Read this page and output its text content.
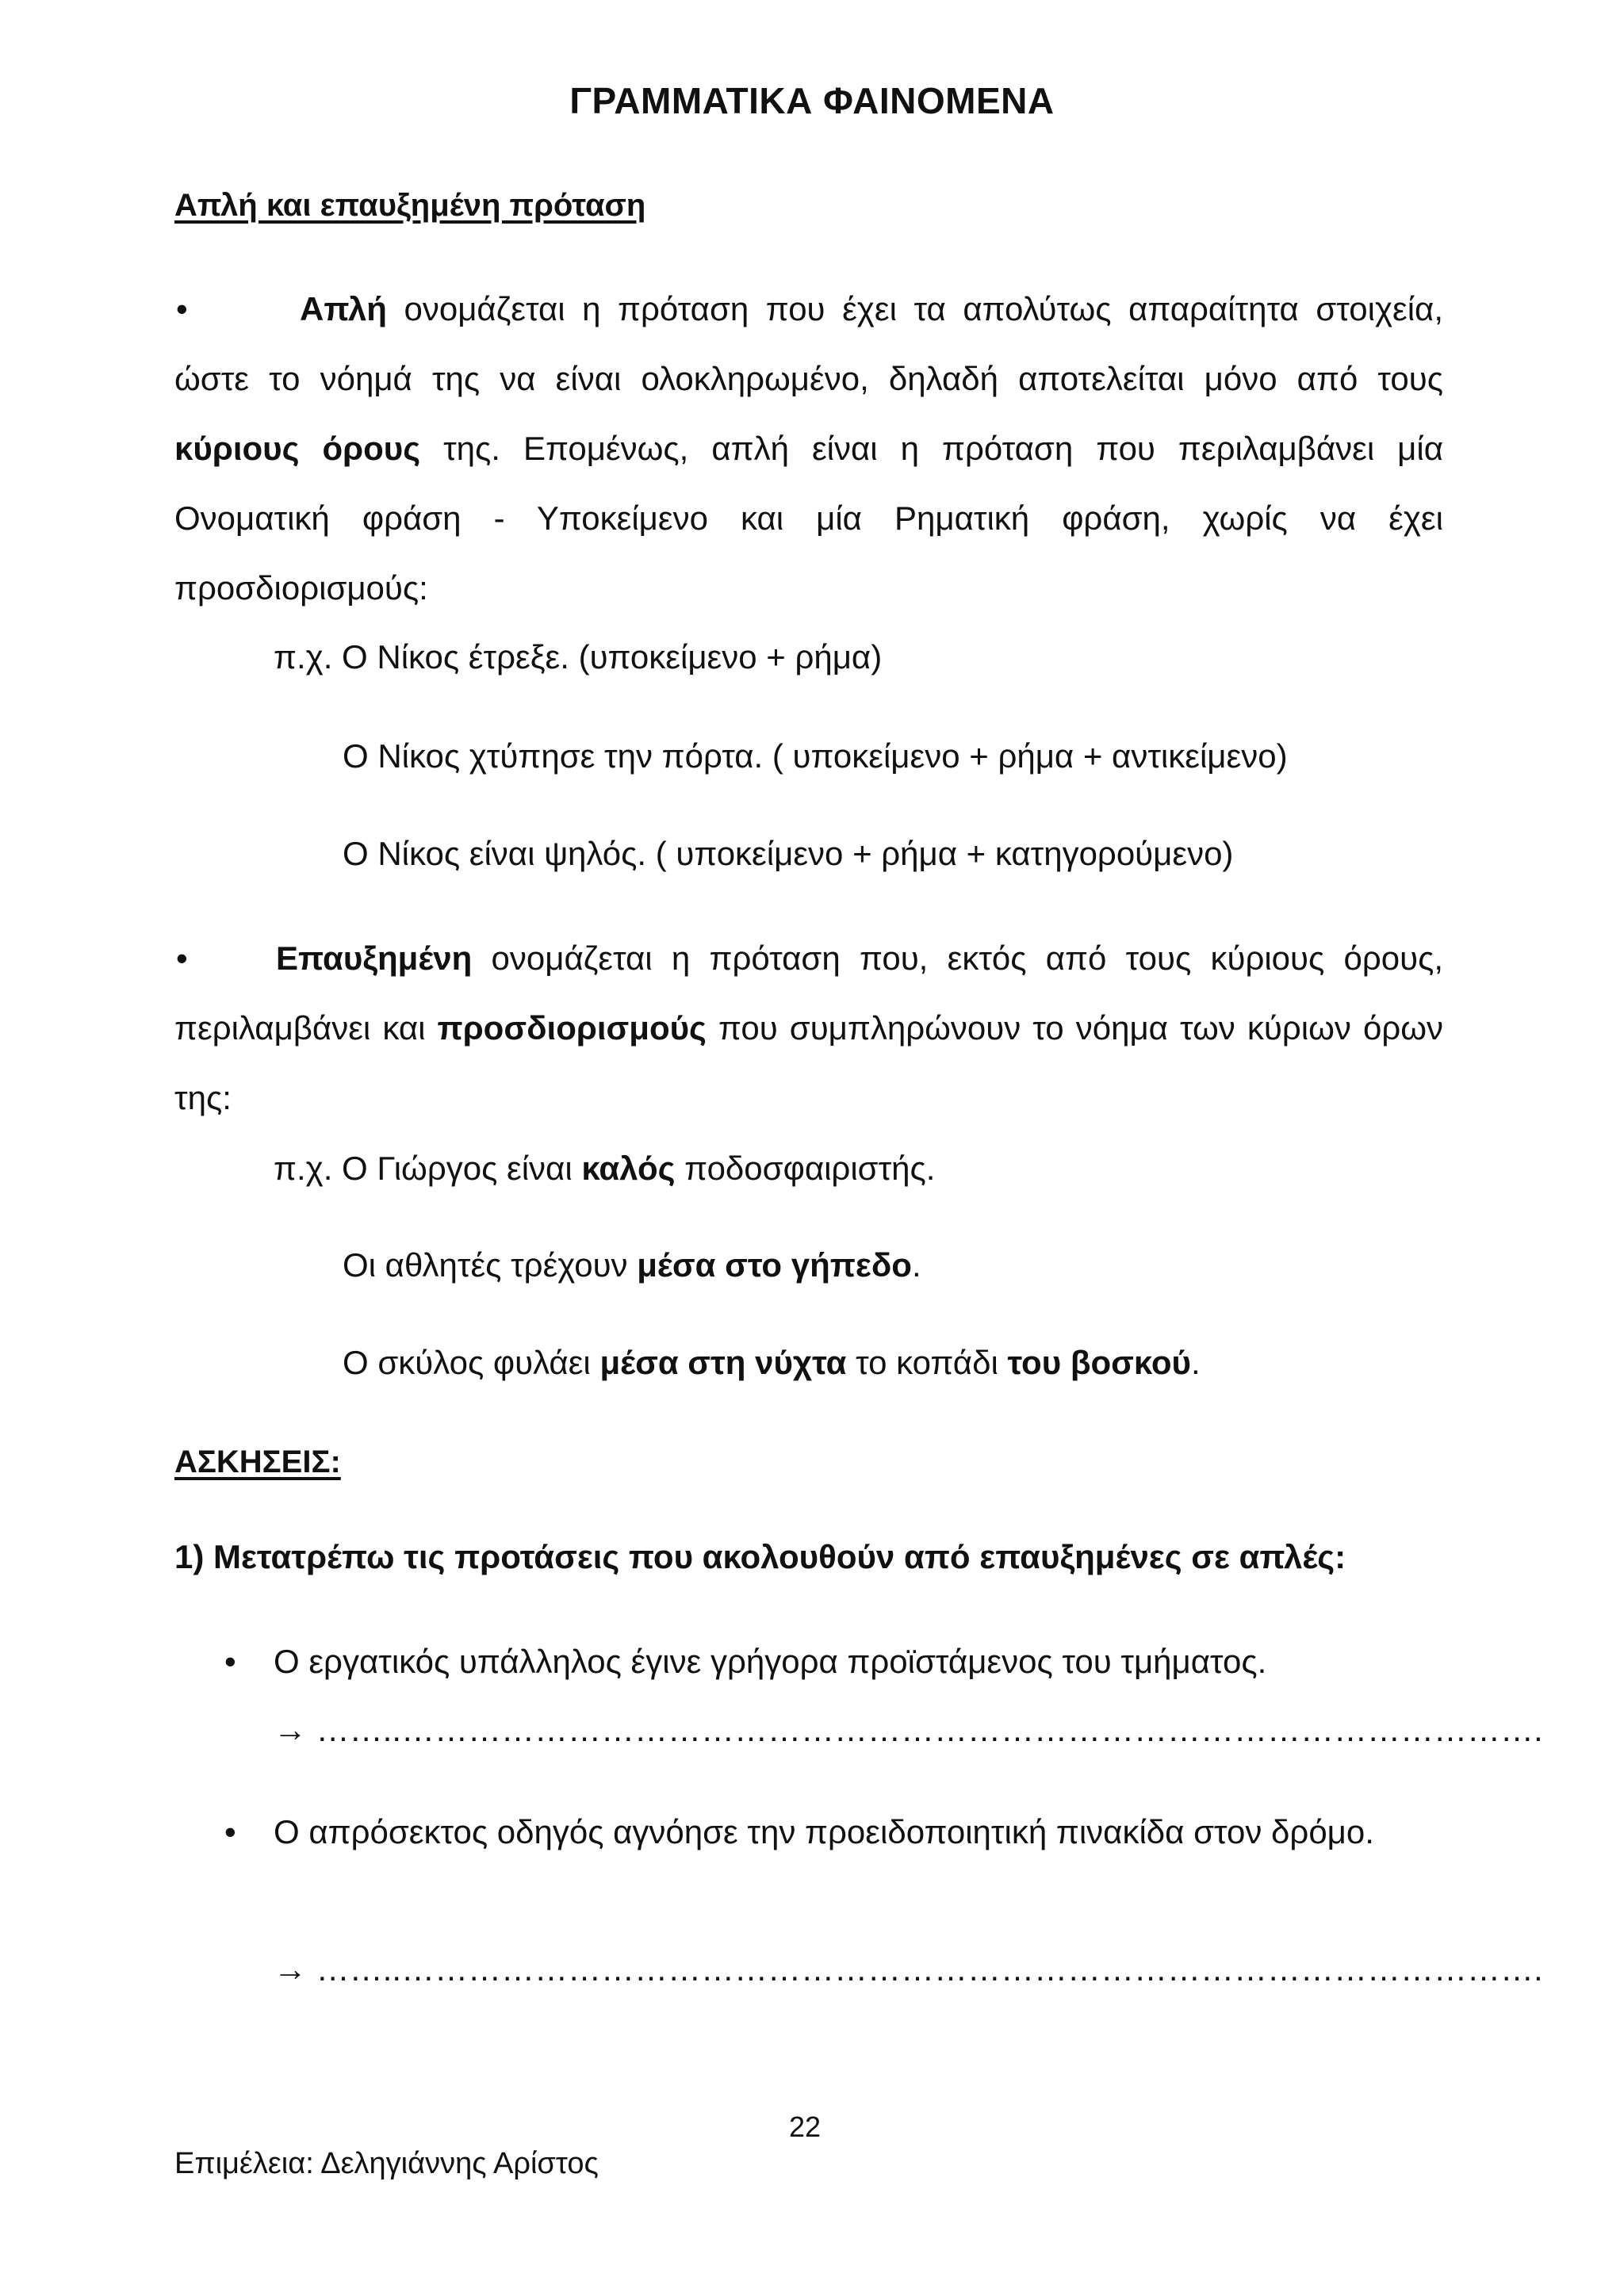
ΓΡΑΜΜΑΤΙΚΑ ΦΑΙΝΟΜΕΝΑ
Απλή και επαυξημένη πρόταση
•	Απλή ονομάζεται η πρόταση που έχει τα απολύτως απαραίτητα στοιχεία, ώστε το νόημά της να είναι ολοκληρωμένο, δηλαδή αποτελείται μόνο από τους κύριους όρους της. Επομένως, απλή είναι η πρόταση που περιλαμβάνει μία Ονοματική φράση - Υποκείμενο και μία Ρηματική φράση, χωρίς να έχει προσδιορισμούς:

π.χ. Ο Νίκος έτρεξε. (υποκείμενο + ρήμα)
Ο Νίκος χτύπησε την πόρτα. ( υποκείμενο + ρήμα + αντικείμενο)
Ο Νίκος είναι ψηλός. ( υποκείμενο + ρήμα + κατηγορούμενο)
•	Επαυξημένη ονομάζεται η πρόταση που, εκτός από τους κύριους όρους, περιλαμβάνει και προσδιορισμούς που συμπληρώνουν το νόημα των κύριων όρων της:

π.χ. Ο Γιώργος είναι καλός ποδοσφαιριστής.
Οι αθλητές τρέχουν μέσα στο γήπεδο.
Ο σκύλος φυλάει μέσα στη νύχτα το κοπάδι του βοσκού.
ΑΣΚΗΣΕΙΣ:
1) Μετατρέπω τις προτάσεις που ακολουθούν από επαυξημένες σε απλές:
• Ο εργατικός υπάλληλος έγινε γρήγορα προϊστάμενος του τμήματος.

→ ……..………………………………………………………………………………………….
• Ο απρόσεκτος οδηγός αγνόησε την προειδοποιητική πινακίδα στον δρόμο.

→ ……..………………………………………………………………………………………….
22
Επιμέλεια: Δεληγιάννης Αρίστος
